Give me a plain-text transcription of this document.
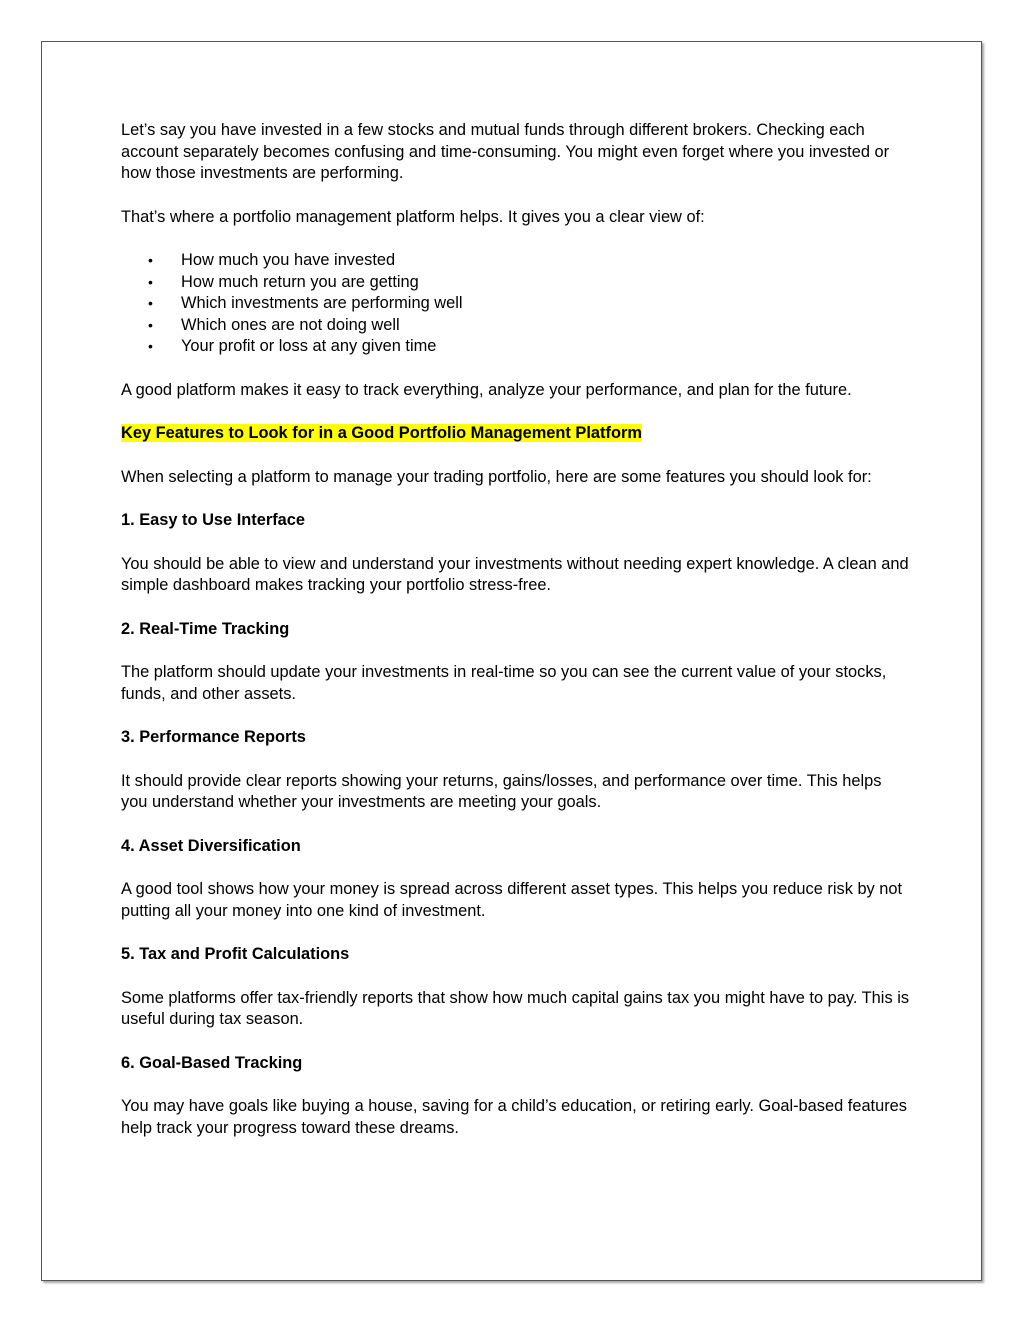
Let’s say you have invested in a few stocks and mutual funds through different brokers. Checking each account separately becomes confusing and time-consuming. You might even forget where you invested or how those investments are performing.

That’s where a portfolio management platform helps. It gives you a clear view of:

• How much you have invested
• How much return you are getting
• Which investments are performing well
• Which ones are not doing well
• Your profit or loss at any given time

A good platform makes it easy to track everything, analyze your performance, and plan for the future.

Key Features to Look for in a Good Portfolio Management Platform

When selecting a platform to manage your trading portfolio, here are some features you should look for:

1. Easy to Use Interface

You should be able to view and understand your investments without needing expert knowledge. A clean and simple dashboard makes tracking your portfolio stress-free.

2. Real-Time Tracking

The platform should update your investments in real-time so you can see the current value of your stocks, funds, and other assets.

3. Performance Reports

It should provide clear reports showing your returns, gains/losses, and performance over time. This helps you understand whether your investments are meeting your goals.

4. Asset Diversification

A good tool shows how your money is spread across different asset types. This helps you reduce risk by not putting all your money into one kind of investment.

5. Tax and Profit Calculations

Some platforms offer tax-friendly reports that show how much capital gains tax you might have to pay. This is useful during tax season.

6. Goal-Based Tracking

You may have goals like buying a house, saving for a child’s education, or retiring early. Goal-based features help track your progress toward these dreams.
